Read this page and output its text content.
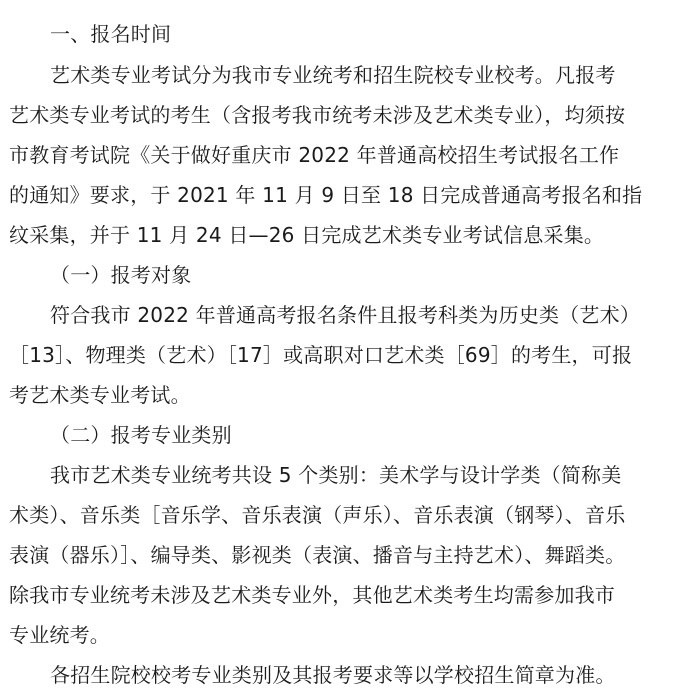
一、报名时间
艺术类专业考试分为我市专业统考和招生院校专业校考。凡报考
艺术类专业考试的考生（含报考我市统考未涉及艺术类专业），均须按
市教育考试院《关于做好重庆市 2022 年普通高校招生考试报名工作
的通知》要求，于 2021 年 11 月 9 日至 18 日完成普通高考报名和指
纹采集，并于 11 月 24 日—26 日完成艺术类专业考试信息采集。
（一）报考对象
符合我市 2022 年普通高考报名条件且报考科类为历史类（艺术）
［13］、物理类（艺术）［17］或高职对口艺术类［69］的考生，可报
考艺术类专业考试。
（二）报考专业类别
我市艺术类专业统考共设 5 个类别：美术学与设计学类（简称美
术类）、音乐类［音乐学、音乐表演（声乐）、音乐表演（钢琴）、音乐
表演（器乐）］、编导类、影视类（表演、播音与主持艺术）、舞蹈类。
除我市专业统考未涉及艺术类专业外，其他艺术类考生均需参加我市
专业统考。
各招生院校校考专业类别及其报考要求等以学校招生简章为准。
